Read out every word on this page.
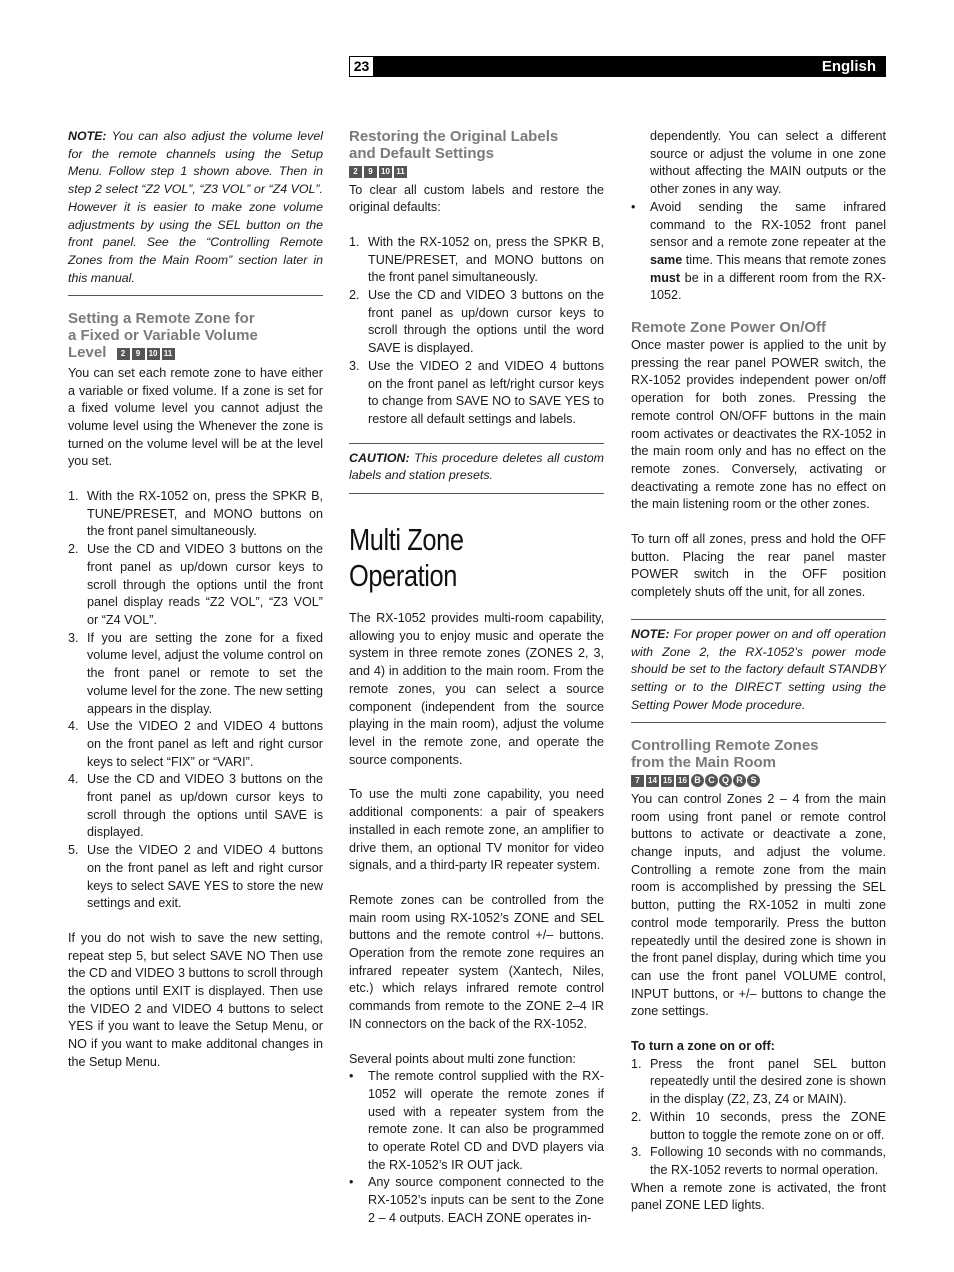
23	English
NOTE: You can also adjust the volume level for the remote channels using the Setup Menu. Follow step 1 shown above. Then in step 2 select “Z2 VOL”, “Z3 VOL” or “Z4 VOL”. However it is easier to make zone volume adjustments by using the SEL button on the front panel. See the “Controlling Remote Zones from the Main Room” section later in this manual.
Setting a Remote Zone for
a Fixed or Variable Volume
Level 2 9 10 11

You can set each remote zone to have either a variable or fixed volume. If a zone is set for a fixed volume level you cannot adjust the volume level using the Whenever the zone is turned on the volume level will be at the level you set.

1. With the RX-1052 on, press the SPKR B, TUNE/PRESET, and MONO buttons on the front panel simultaneously.
2. Use the CD and VIDEO 3 buttons on the front panel as up/down cursor keys to scroll through the options until the front panel display reads “Z2 VOL”, “Z3 VOL” or “Z4 VOL”.
3. If you are setting the zone for a fixed volume level, adjust the volume control on the front panel or remote to set the volume level for the zone. The new setting appears in the display.
4. Use the VIDEO 2 and VIDEO 4 buttons on the front panel as left and right cursor keys to select “FIX” or “VARI”.
4. Use the CD and VIDEO 3 buttons on the front panel as up/down cursor keys to scroll through the options until SAVE is displayed.
5. Use the VIDEO 2 and VIDEO 4 buttons on the front panel as left and right cursor keys to select SAVE YES to store the new settings and exit.

If you do not wish to save the new setting, repeat step 5, but select SAVE NO Then use the CD and VIDEO 3 buttons to scroll through the options until EXIT is displayed. Then use the VIDEO 2 and VIDEO 4 buttons to select YES if you want to leave the Setup Menu, or NO if you want to make additonal changes in the Setup Menu.

Restoring the Original Labels
and Default Settings
2 9 10 11

To clear all custom labels and restore the original defaults:

1. With the RX-1052 on, press the SPKR B, TUNE/PRESET, and MONO buttons on the front panel simultaneously.
2. Use the CD and VIDEO 3 buttons on the front panel as up/down cursor keys to scroll through the options until the word SAVE is displayed.
3. Use the VIDEO 2 and VIDEO 4 buttons on the front panel as left/right cursor keys to change from SAVE NO to SAVE YES to restore all default settings and labels.
CAUTION: This procedure deletes all custom labels and station presets.
Multi Zone Operation

The RX-1052 provides multi-room capability, allowing you to enjoy music and operate the system in three remote zones (ZONES 2, 3, and 4) in addition to the main room. From the remote zones, you can select a source component (independent from the source playing in the main room), adjust the volume level in the remote zone, and operate the source components.

To use the multi zone capability, you need additional components: a pair of speakers installed in each remote zone, an amplifier to drive them, an optional TV monitor for video signals, and a third-party IR repeater system.

Remote zones can be controlled from the main room using RX-1052’s ZONE and SEL buttons and the remote control +/– buttons. Operation from the remote zone requires an infrared repeater system (Xantech, Niles, etc.) which relays infrared remote control commands from remote to the ZONE 2–4 IR IN connectors on the back of the RX-1052.

Several points about multi zone function:

• The remote control supplied with the RX-1052 will operate the remote zones if used with a repeater system from the remote zone. It can also be programmed to operate Rotel CD and DVD players via the RX-1052’s IR OUT jack.
• Any source component connected to the RX-1052’s inputs can be sent to the Zone 2 – 4 outputs. EACH ZONE operates in-

dependently. You can select a different source or adjust the volume in one zone without affecting the MAIN outputs or the other zones in any way.

• Avoid sending the same infrared command to the RX-1052 front panel sensor and a remote zone repeater at the same time. This means that remote zones must be in a different room from the RX-1052.
Remote Zone Power On/Off

Once master power is applied to the unit by pressing the rear panel POWER switch, the RX-1052 provides independent power on/off operation for both zones. Pressing the remote control ON/OFF buttons in the main room activates or deactivates the RX-1052 in the main room only and has no effect on the remote zones. Conversely, activating or deactivating a remote zone has no effect on the main listening room or the other zones.

To turn off all zones, press and hold the OFF button. Placing the rear panel master POWER switch in the OFF position completely shuts off the unit, for all zones.

NOTE: For proper power on and off operation with Zone 2, the RX-1052’s power mode should be set to the factory default STANDBY setting or to the DIRECT setting using the Setting Power Mode procedure.
Controlling Remote Zones
from the Main Room
7 14 15 16 B C Q R S

You can control Zones 2 – 4 from the main room using front panel or remote control buttons to activate or deactivate a zone, change inputs, and adjust the volume. Controlling a remote zone from the main room is accomplished by pressing the SEL button, putting the RX-1052 in multi zone control mode temporarily. Press the button repeatedly until the desired zone is shown in the front panel display, during which time you can use the front panel VOLUME control, INPUT buttons, or +/– buttons to change the zone settings.

To turn a zone on or off:

1. Press the front panel SEL button repeatedly until the desired zone is shown in the display (Z2, Z3, Z4 or MAIN).
2. Within 10 seconds, press the ZONE button to toggle the remote zone on or off.
3. Following 10 seconds with no commands, the RX-1052 reverts to normal operation.

When a remote zone is activated, the front panel ZONE LED lights.
